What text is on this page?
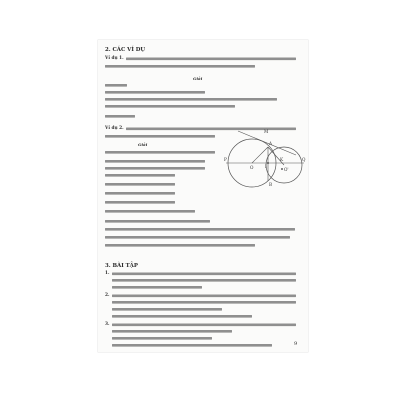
2. CÁC VÍ DỤ
Ví dụ 1.
Giải
Ví dụ 2.
Giải
3. BÀI TẬP
1.
2.
3.
M
A
B
P
O	O'
Q
K
I
9
